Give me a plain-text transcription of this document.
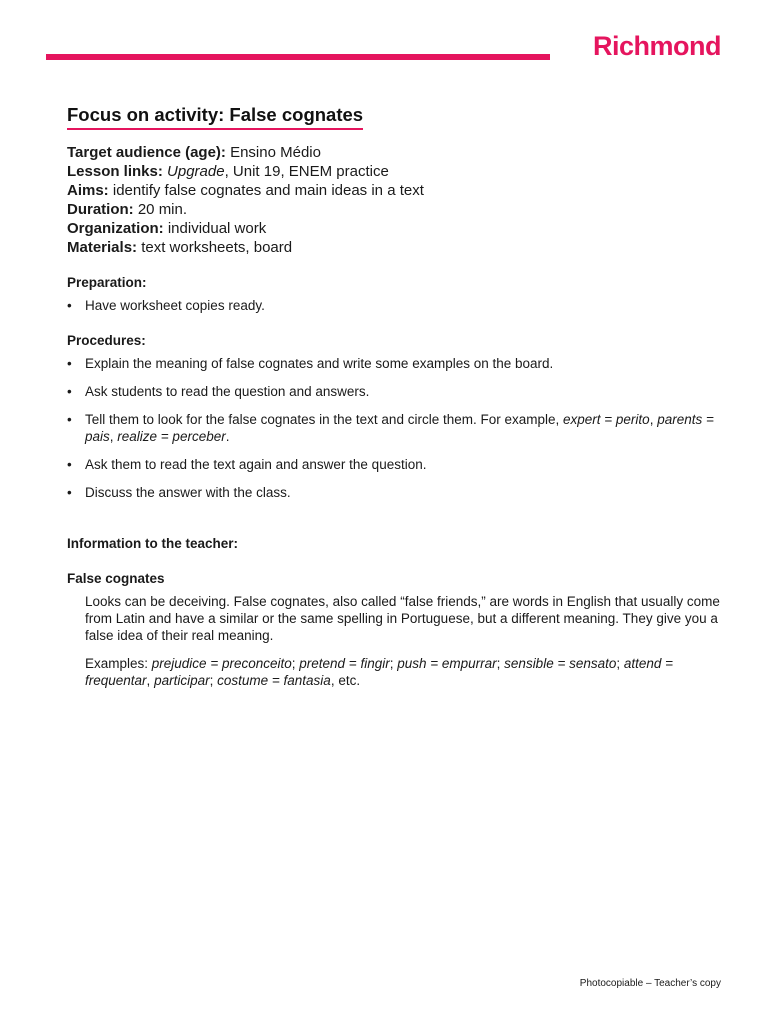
Richmond
Focus on activity: False cognates

Target audience (age): Ensino Médio

Lesson links: Upgrade, Unit 19, ENEM practice

Aims: identify false cognates and main ideas in a text

Duration: 20 min.

Organization: individual work

Materials: text worksheets, board

Preparation:
• Have worksheet copies ready.
Procedures:
• Explain the meaning of false cognates and write some examples on the board.
• Ask students to read the question and answers.
• Tell them to look for the false cognates in the text and circle them. For example, expert = perito, parents = pais, realize = perceber.
• Ask them to read the text again and answer the question.
• Discuss the answer with the class.
Information to the teacher:
False cognates

Looks can be deceiving. False cognates, also called “false friends,” are words in English that usually come from Latin and have a similar or the same spelling in Portuguese, but a different meaning. They give you a false idea of their real meaning.

Examples: prejudice = preconceito; pretend = fingir; push = empurrar; sensible = sensato; attend = frequentar, participar; costume = fantasia, etc.

Photocopiable – Teacher’s copy
